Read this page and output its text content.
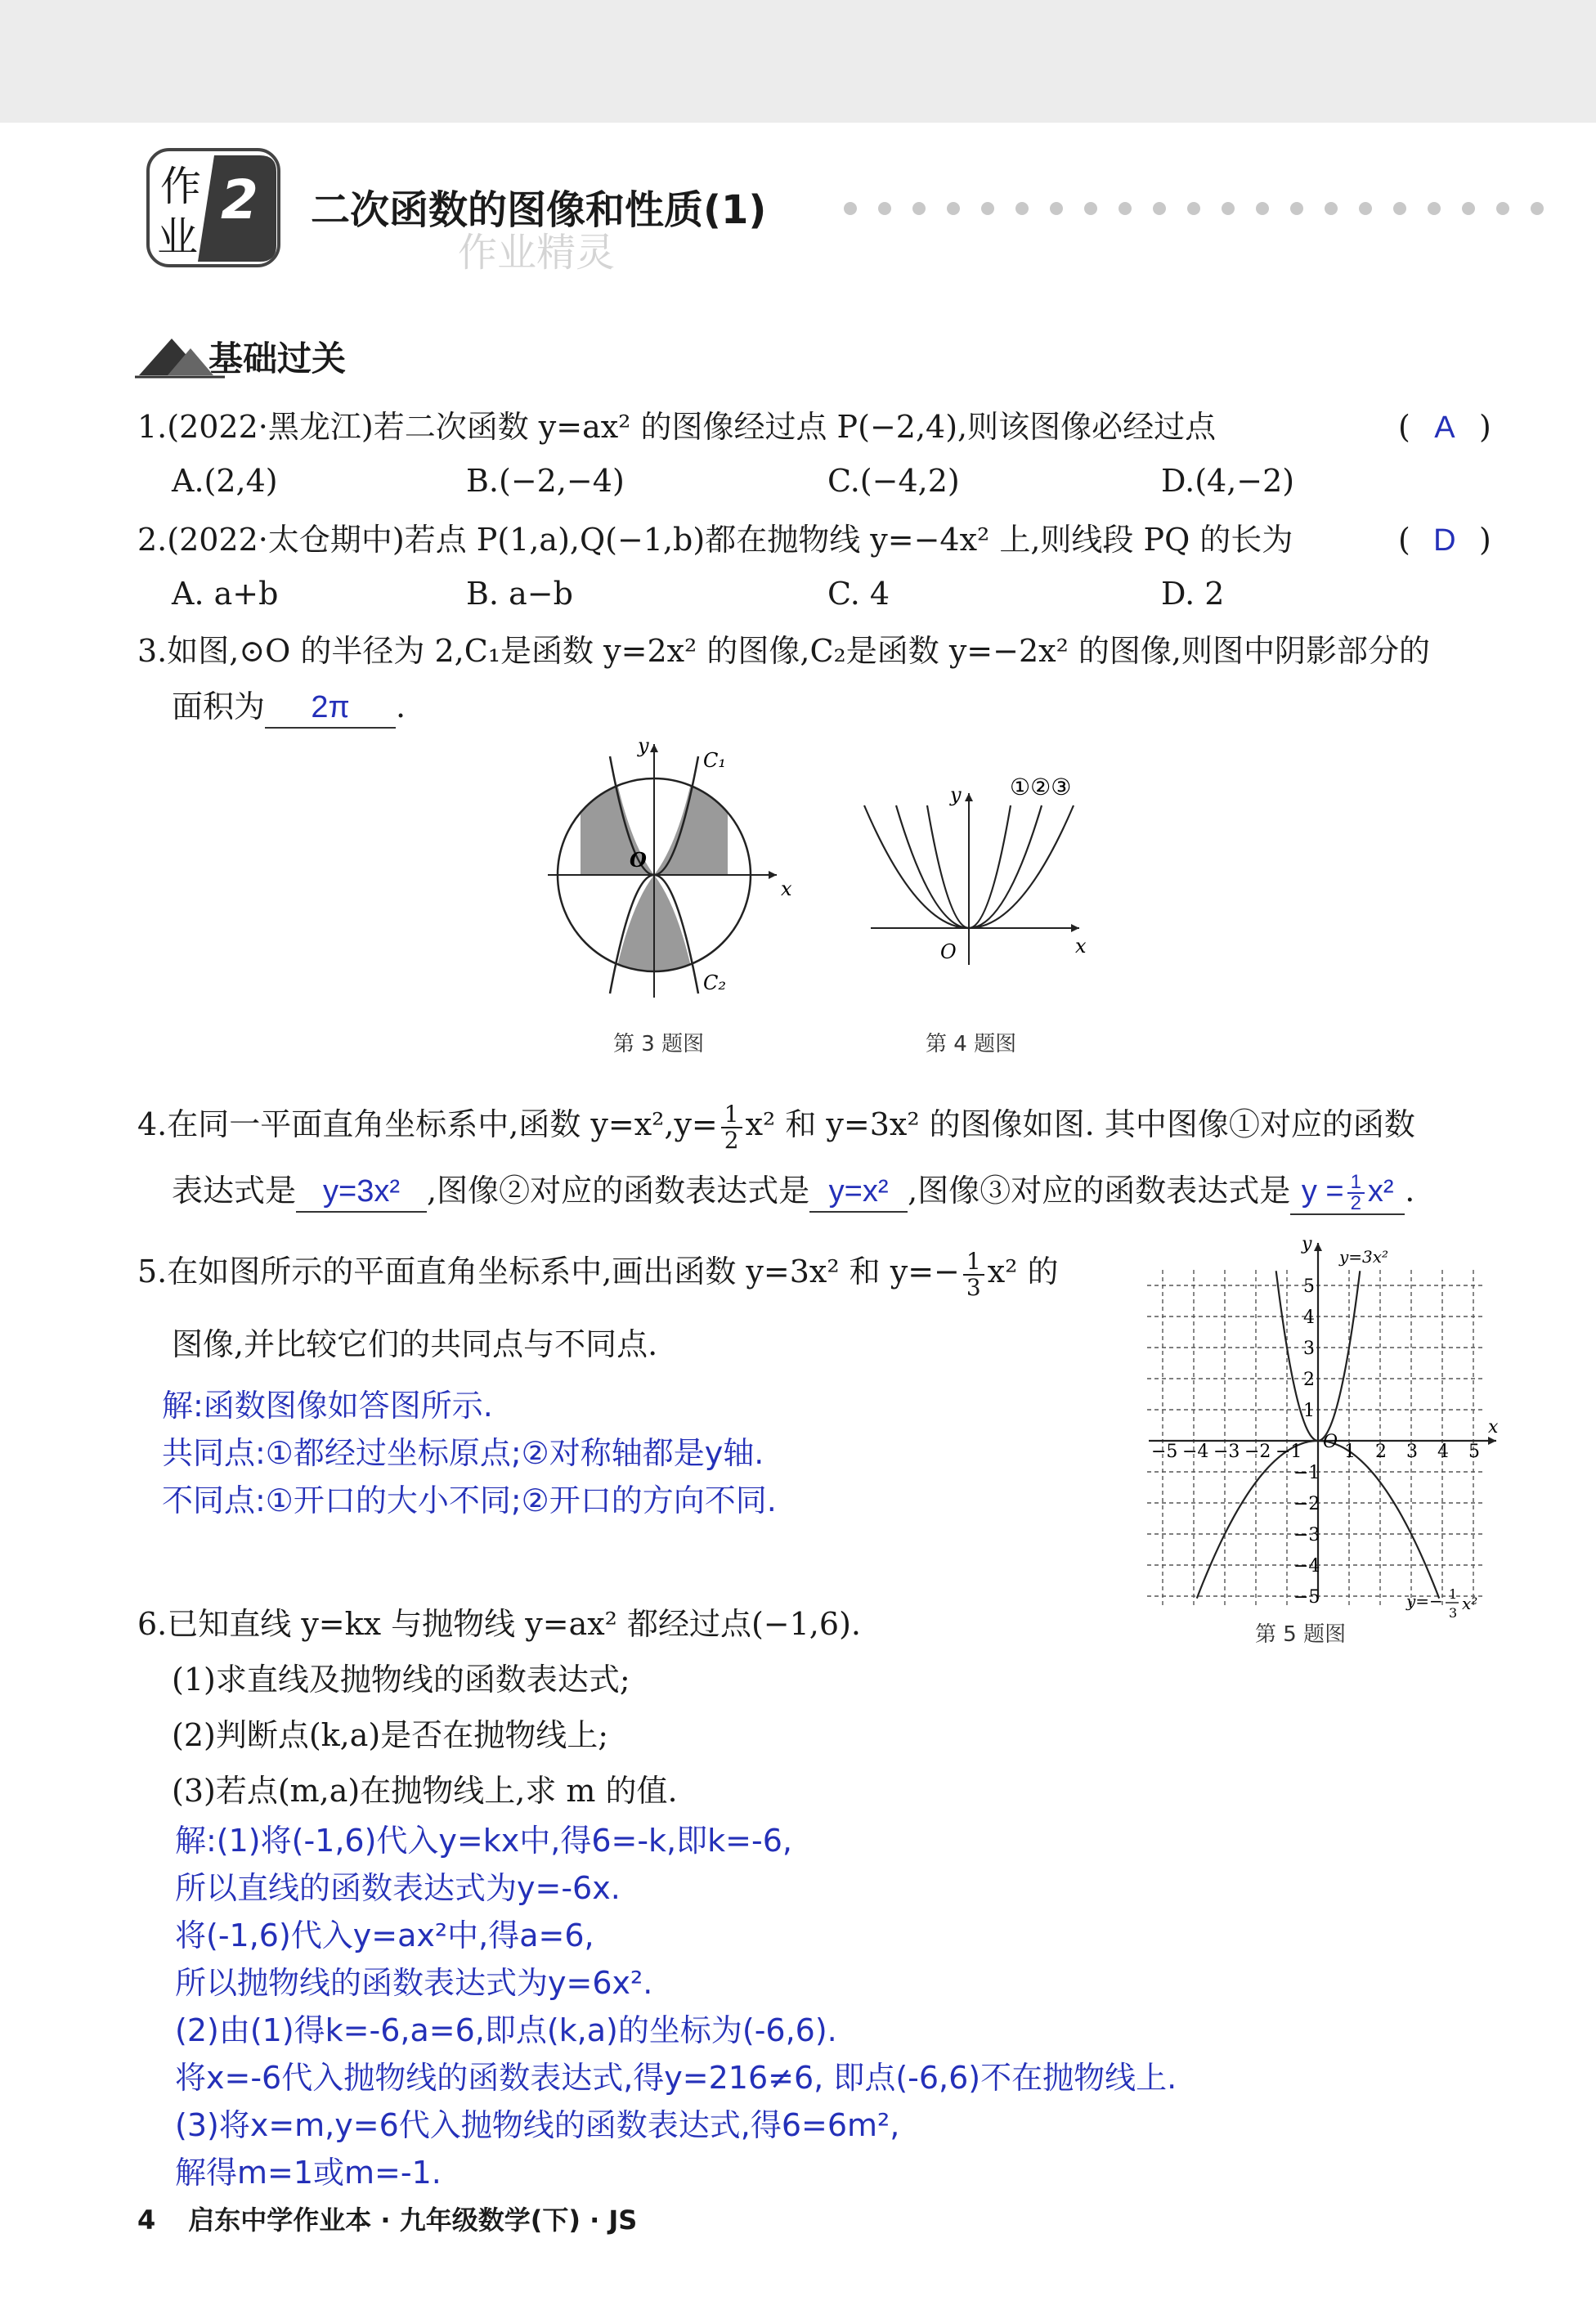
作
业
2 二次函数的图像和性质(1)
作业精灵
基础过关
1.(2022·黑龙江)若二次函数 y=ax² 的图像经过点 P(−2,4),则该图像必经过点	( A )
A.(2,4)	B.(−2,−4)	C.(−4,2)	D.(4,−2)
2.(2022·太仓期中)若点 P(1,a),Q(−1,b)都在抛物线 y=−4x² 上,则线段 PQ 的长为	( D )
A. a+b	B. a−b	C. 4	D. 2
3.如图,⊙O 的半径为 2,C₁是函数 y=2x² 的图像,C₂是函数 y=−2x² 的图像,则图中阴影部分的
面积为 2π .
y
x
O
C₁
C₂
第 3 题图
y
x
O
①②③
第 4 题图
4.在同一平面直角坐标系中,函数 $y=x^2,y= \frac{1}{2} x^2$ 和 y=3x² 的图像如图. 其中图像①对应的函数
表达式是 y=3x² ,图像②对应的函数表达式是 y=x² ,图像③对应的函数表达式是 $y = \frac{1}{2} x^2$ .
5.在如图所示的平面直角坐标系中,画出函数 y=3x² 和 $y=- \frac{1}{3} x^2$ 的
图像,并比较它们的共同点与不同点.
解:函数图像如答图所示.
共同点:①都经过坐标原点;②对称轴都是y轴.
不同点:①开口的大小不同;②开口的方向不同.
−5 −4 −3 −2 −1 1 2 3 4 5
5
4
3
2
1
−1
−2
−3
−4
−5
O
x
y
y=3x²
y=− 1
3 x²
第 5 题图
6.已知直线 y=kx 与抛物线 y=ax² 都经过点(−1,6).
(1)求直线及抛物线的函数表达式;
(2)判断点(k,a)是否在抛物线上;
(3)若点(m,a)在抛物线上,求 m 的值.
解:(1)将(-1,6)代入y=kx中,得6=-k,即k=-6,
所以直线的函数表达式为y=-6x.
将(-1,6)代入y=ax²中,得a=6,
所以抛物线的函数表达式为y=6x².
(2)由(1)得k=-6,a=6,即点(k,a)的坐标为(-6,6).
将x=-6代入抛物线的函数表达式,得y=216≠6, 即点(-6,6)不在抛物线上.
(3)将x=m,y=6代入抛物线的函数表达式,得6=6m²,
解得m=1或m=-1.
4 启东中学作业本 · 九年级数学(下) · JS
